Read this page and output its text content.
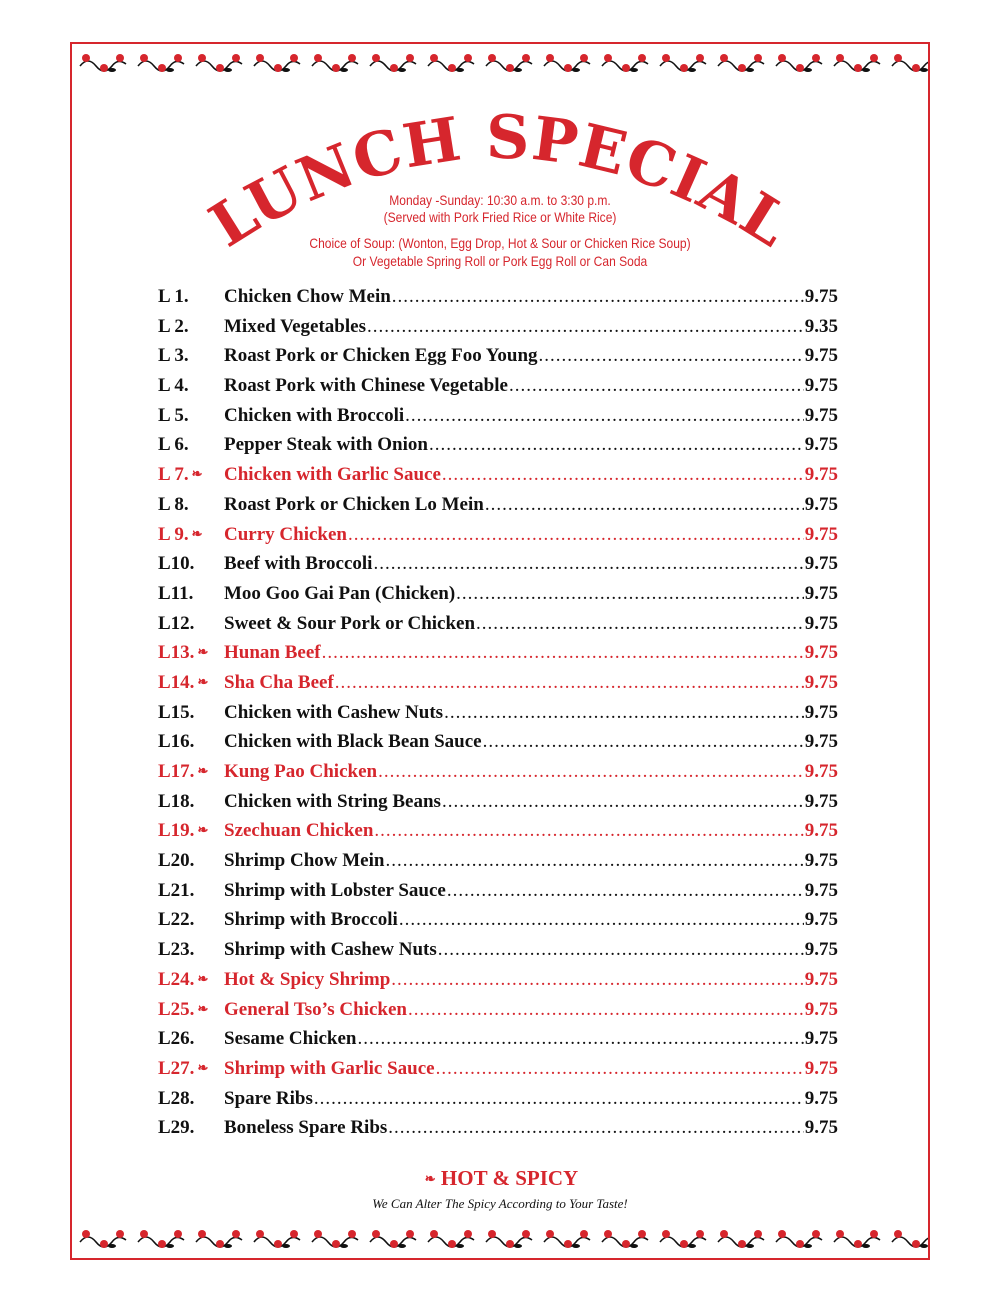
LUNCH SPECIAL
Monday -Sunday: 10:30 a.m. to 3:30 p.m.
(Served with Pork Fried Rice or White Rice)
Choice of Soup: (Wonton, Egg Drop, Hot & Sour or Chicken Rice Soup)
Or Vegetable Spring Roll or Pork Egg Roll or Can Soda
L 1.	Chicken Chow Mein .....	9.75
L 2.	Mixed Vegetables .....	9.35
L 3.	Roast Pork or Chicken Egg Foo Young .....	9.75
L 4.	Roast Pork with Chinese Vegetable .....	9.75
L 5.	Chicken with Broccoli .....	9.75
L 6.	Pepper Steak with Onion .....	9.75
L 7. ❧	Chicken with Garlic Sauce .....	9.75
L 8.	Roast Pork or Chicken Lo Mein .....	9.75
L 9. ❧	Curry Chicken .....	9.75
L10.	Beef with Broccoli .....	9.75
L11.	Moo Goo Gai Pan (Chicken) .....	9.75
L12.	Sweet & Sour Pork or Chicken .....	9.75
L13. ❧ Hunan Beef .....	9.75
L14. ❧ Sha Cha Beef .....	9.75
L15.	Chicken with Cashew Nuts .....	9.75
L16.	Chicken with Black Bean Sauce .....	9.75
L17. ❧ Kung Pao Chicken .....	9.75
L18.	Chicken with String Beans .....	9.75
L19. ❧ Szechuan Chicken .....	9.75
L20.	Shrimp Chow Mein .....	9.75
L21.	Shrimp with Lobster Sauce .....	9.75
L22.	Shrimp with Broccoli .....	9.75
L23.	Shrimp with Cashew Nuts .....	9.75
L24. ❧ Hot & Spicy Shrimp .....	9.75
L25. ❧ General Tso’s Chicken .....	9.75
L26.	Sesame Chicken .....	9.75
L27. ❧ Shrimp with Garlic Sauce .....	9.75
L28.	Spare Ribs .....	9.75
L29.	Boneless Spare Ribs .....	9.75
❧ HOT & SPICY
We Can Alter The Spicy According to Your Taste!
